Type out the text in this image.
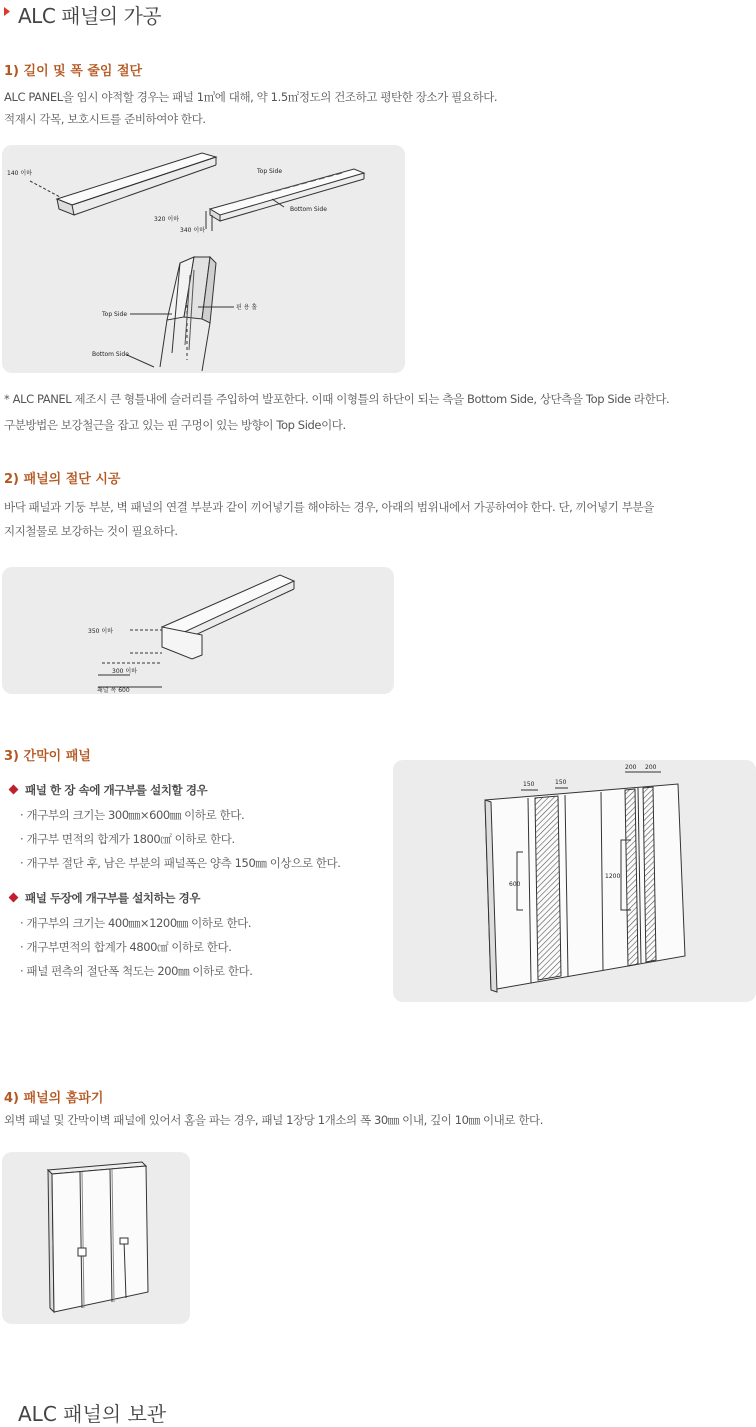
ALC 패널의 가공
1) 길이 및 폭 줄임 절단
ALC PANEL을 임시 야적할 경우는 패널 1㎥에 대해, 약 1.5㎡정도의 건조하고 평탄한 장소가 필요하다.
적재시 각목, 보호시트를 준비하여야 한다.
140 이하	Top Side
Bottom Side
320 이하
340 이하
Top Side
Bottom Side
핀 용 홀
* ALC PANEL 제조시 큰 형틀내에 슬러리를 주입하여 발포한다. 이때 이형틀의 하단이 되는 측을 Bottom Side, 상단측을 Top Side 라한다.
구분방법은 보강철근을 잡고 있는 핀 구멍이 있는 방향이 Top Side이다.
2) 패널의 절단 시공
바닥 패널과 기둥 부분, 벽 패널의 연결 부분과 같이 끼어넣기를 해야하는 경우, 아래의 범위내에서 가공하여야 한다. 단, 끼어넣기 부분을
지지철물로 보강하는 것이 필요하다.
350 이하
300 이하
패널 폭 600
3) 간막이 패널
패널 한 장 속에 개구부를 설치할 경우
· 개구부의 크기는 300㎜×600㎜ 이하로 한다.
· 개구부 면적의 합계가 1800㎠ 이하로 한다.
· 개구부 절단 후, 남은 부분의 패널폭은 양측 150㎜ 이상으로 한다.
패널 두장에 개구부를 설치하는 경우
· 개구부의 크기는 400㎜×1200㎜ 이하로 한다.
· 개구부면적의 합계가 4800㎠ 이하로 한다.
· 패널 편측의 절단폭 척도는 200㎜ 이하로 한다.
150	150
200 200
600
1200
4) 패널의 홈파기
외벽 패널 및 간막이벽 패널에 있어서 홈을 파는 경우, 패널 1장당 1개소의 폭 30㎜ 이내, 깊이 10㎜ 이내로 한다.
ALC 패널의 보관
